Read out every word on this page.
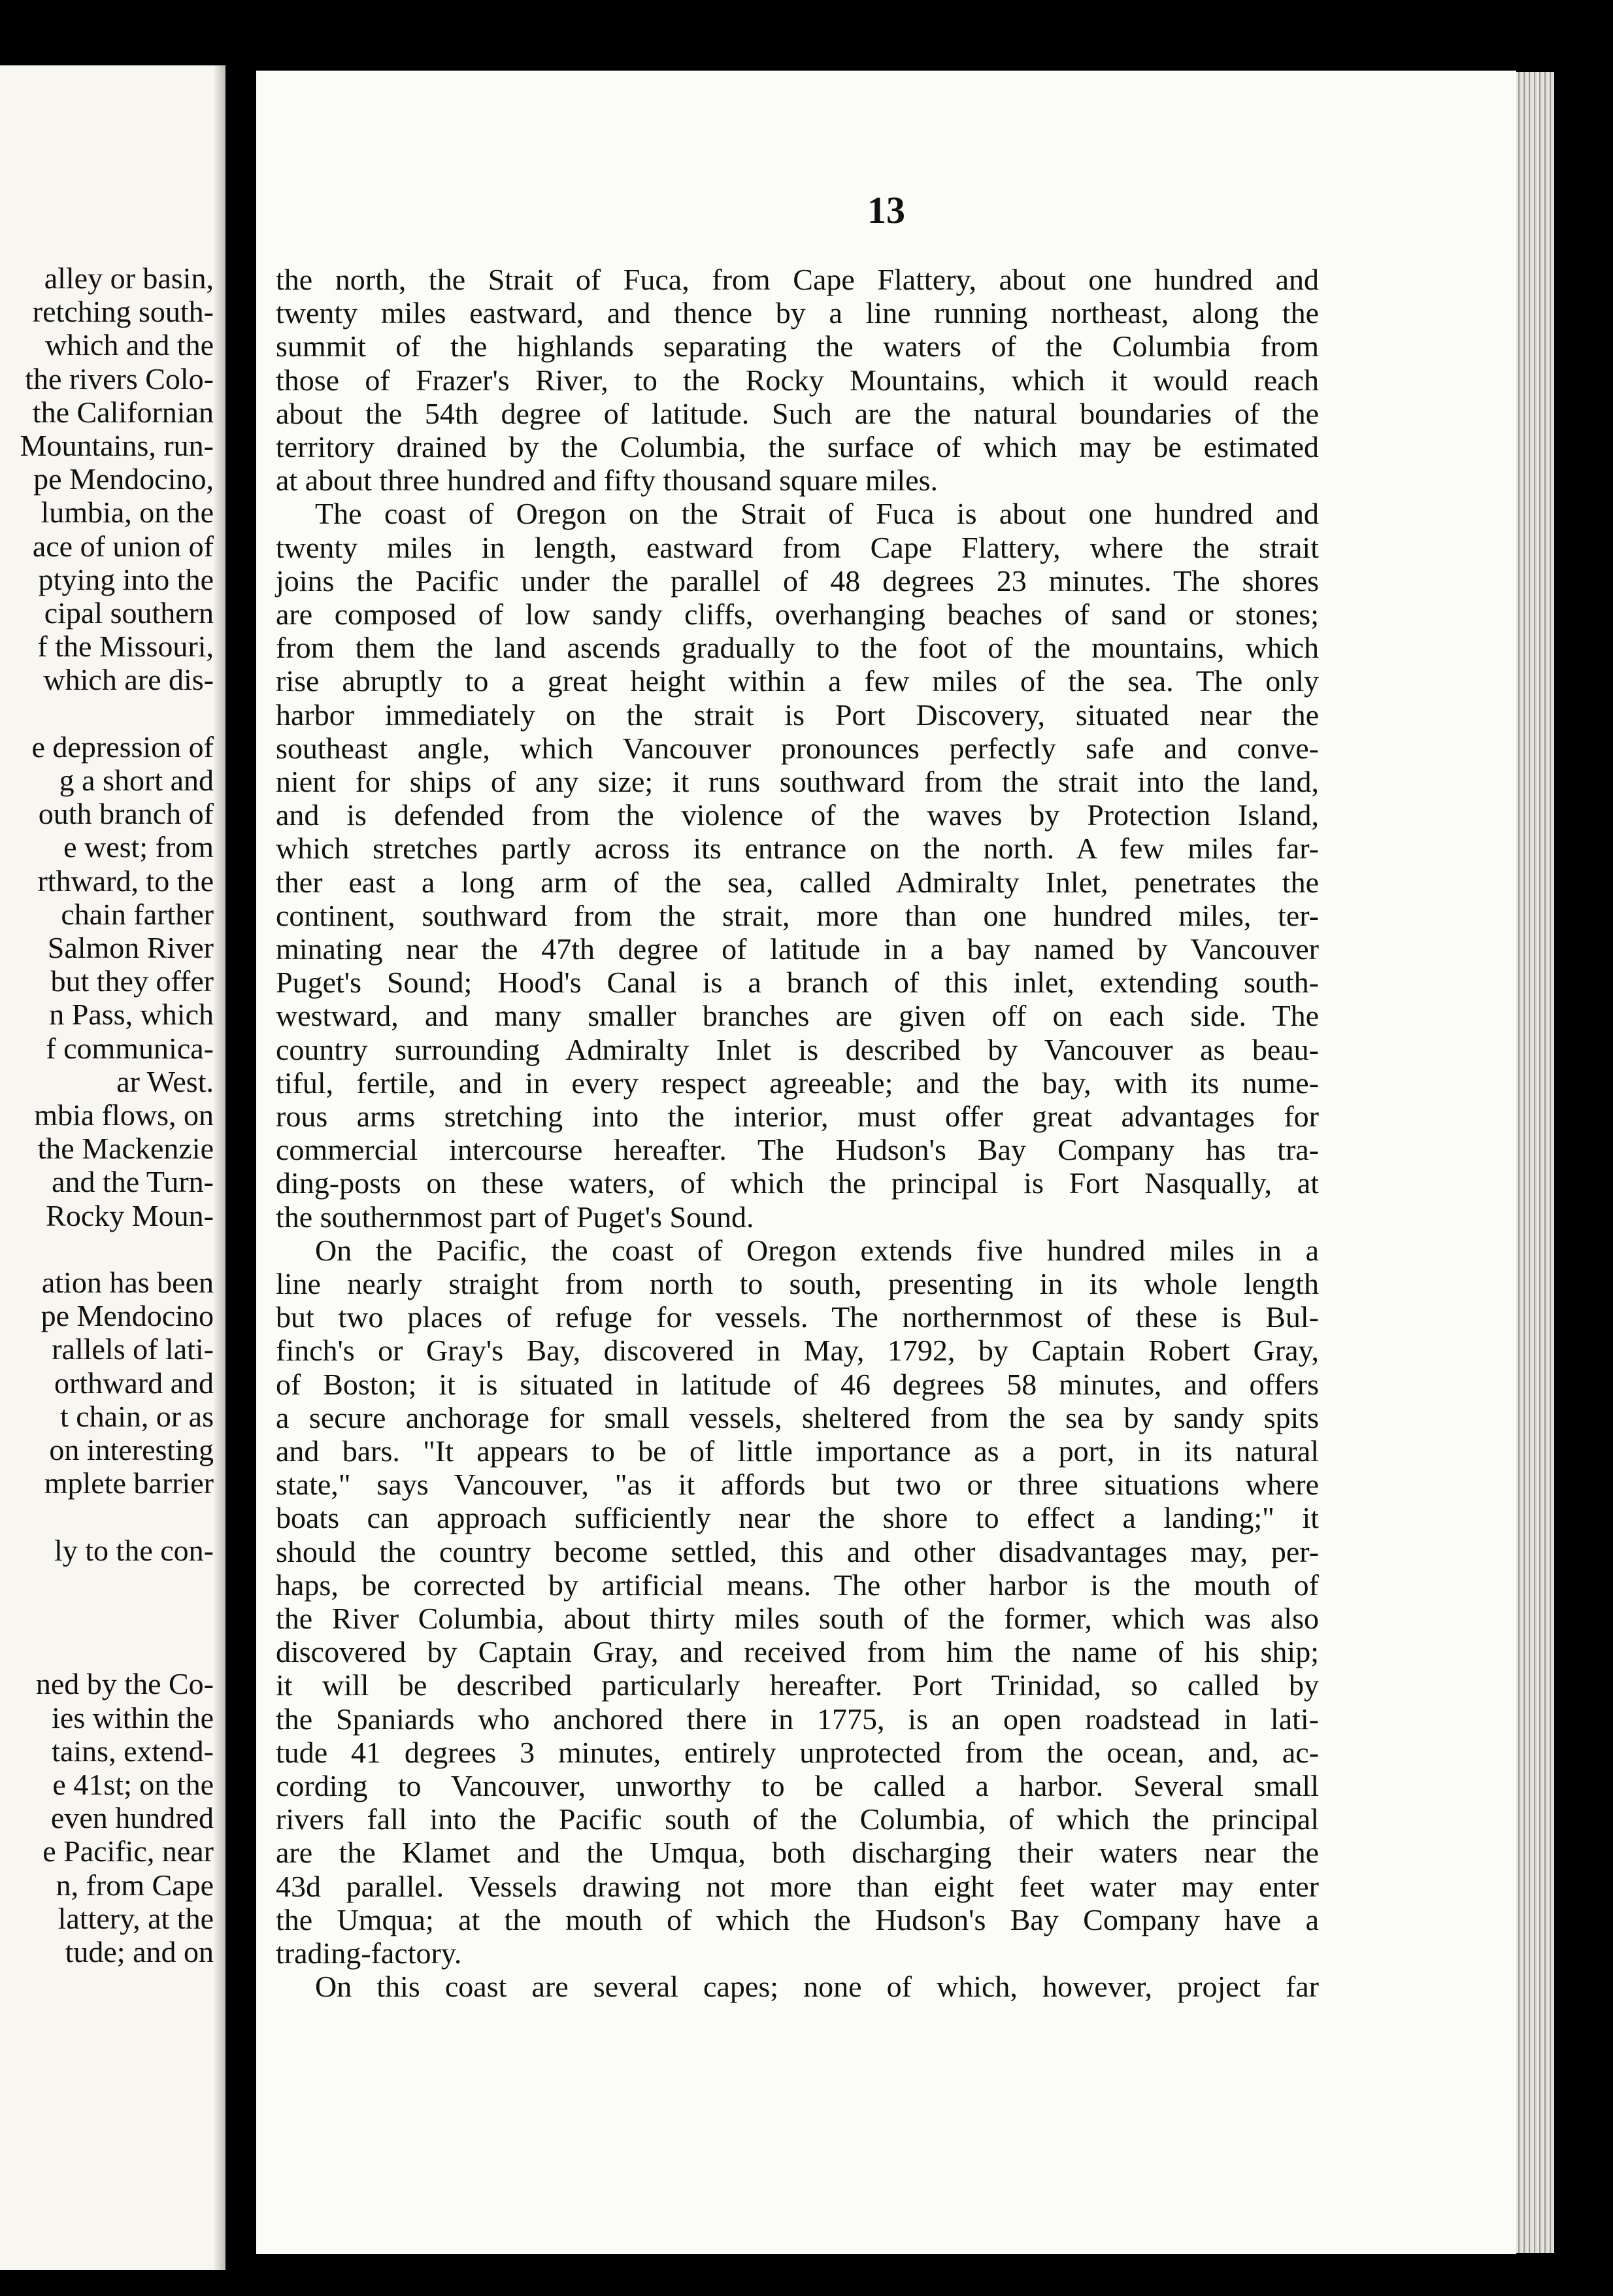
alley or basin,
retching south-
which and the
the rivers Colo-
the Californian
Mountains, run-
pe Mendocino,
lumbia, on the
ace of union of
ptying into the
cipal southern
f the Missouri,
which are dis-
e depression of
g a short and
outh branch of
e west; from
rthward, to the
chain farther
Salmon River
but they offer
n Pass, which
f communica-
ar West.
mbia flows, on
the Mackenzie
and the Turn-
Rocky Moun-
ation has been
pe Mendocino
rallels of lati-
orthward and
t chain, or as
on interesting
mplete barrier
ly to the con-
ned by the Co-
ies within the
tains, extend-
e 41st; on the
even hundred
e Pacific, near
n, from Cape
lattery, at the
tude; and on
13
the north, the Strait of Fuca, from Cape Flattery, about one hundred and
twenty miles eastward, and thence by a line running northeast, along the
summit of the highlands separating the waters of the Columbia from
those of Frazer's River, to the Rocky Mountains, which it would reach
about the 54th degree of latitude. Such are the natural boundaries of the
territory drained by the Columbia, the surface of which may be estimated
at about three hundred and fifty thousand square miles.
The coast of Oregon on the Strait of Fuca is about one hundred and
twenty miles in length, eastward from Cape Flattery, where the strait
joins the Pacific under the parallel of 48 degrees 23 minutes. The shores
are composed of low sandy cliffs, overhanging beaches of sand or stones;
from them the land ascends gradually to the foot of the mountains, which
rise abruptly to a great height within a few miles of the sea. The only
harbor immediately on the strait is Port Discovery, situated near the
southeast angle, which Vancouver pronounces perfectly safe and conve-
nient for ships of any size; it runs southward from the strait into the land,
and is defended from the violence of the waves by Protection Island,
which stretches partly across its entrance on the north. A few miles far-
ther east a long arm of the sea, called Admiralty Inlet, penetrates the
continent, southward from the strait, more than one hundred miles, ter-
minating near the 47th degree of latitude in a bay named by Vancouver
Puget's Sound; Hood's Canal is a branch of this inlet, extending south-
westward, and many smaller branches are given off on each side. The
country surrounding Admiralty Inlet is described by Vancouver as beau-
tiful, fertile, and in every respect agreeable; and the bay, with its nume-
rous arms stretching into the interior, must offer great advantages for
commercial intercourse hereafter. The Hudson's Bay Company has tra-
ding-posts on these waters, of which the principal is Fort Nasqually, at
the southernmost part of Puget's Sound.
On the Pacific, the coast of Oregon extends five hundred miles in a
line nearly straight from north to south, presenting in its whole length
but two places of refuge for vessels. The northernmost of these is Bul-
finch's or Gray's Bay, discovered in May, 1792, by Captain Robert Gray,
of Boston; it is situated in latitude of 46 degrees 58 minutes, and offers
a secure anchorage for small vessels, sheltered from the sea by sandy spits
and bars. "It appears to be of little importance as a port, in its natural
state," says Vancouver, "as it affords but two or three situations where
boats can approach sufficiently near the shore to effect a landing;" it
should the country become settled, this and other disadvantages may, per-
haps, be corrected by artificial means. The other harbor is the mouth of
the River Columbia, about thirty miles south of the former, which was also
discovered by Captain Gray, and received from him the name of his ship;
it will be described particularly hereafter. Port Trinidad, so called by
the Spaniards who anchored there in 1775, is an open roadstead in lati-
tude 41 degrees 3 minutes, entirely unprotected from the ocean, and, ac-
cording to Vancouver, unworthy to be called a harbor. Several small
rivers fall into the Pacific south of the Columbia, of which the principal
are the Klamet and the Umqua, both discharging their waters near the
43d parallel. Vessels drawing not more than eight feet water may enter
the Umqua; at the mouth of which the Hudson's Bay Company have a
trading-factory.
On this coast are several capes; none of which, however, project far
